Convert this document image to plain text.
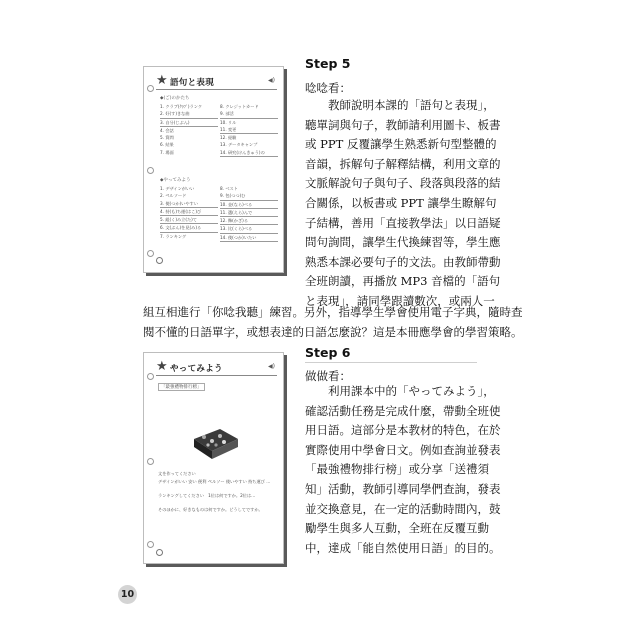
★ 語句と表現	◀)
◆(ご)のかたち
1. クラブ(ｸﾗﾌﾞ)ランク
2. 好(す)きな曲
3. 自分(じぶん)
4. 会話
5. 質問
6. 結果
7. 場面
8. クレジットカード
9. 部活
10. リル
11. 変更
12. 経験
13. データキャンプ
14. 研究(けんきゅう)の
◆やってみよう
1. デザインがいい
2. ペルソード
3. 使(つか)いやすい
4. 持(も)ち運(はこ)び
5. 組(く)み立(た)て
6. 文(ぶん)を見(み)る
7. ランキング
8. ベスト
9. 包(つつ)む
10. 並(なら)べる
11. 選(えら)んで
12. 飾(かざ)る
13. 比(くら)べる
14. 使(つか)いたい
★ やってみよう	◀)
「最強禮物排行榜」
文を作ってください
デザインがいい 安い 便利 ペルソー 使いやすい 持ち運び …
ランキングしてください　1位は何ですか。2位は…
そのほかに、好きなものは何ですか。どうしてですか。
Step 5
唸唸看：
　　教師說明本課的「語句と表現」，
聽單詞與句子，教師請利用圖卡、板書
或 PPT 反覆讓學生熟悉新句型整體的
音韻，拆解句子解釋結構，利用文章的
文脈解說句子與句子、段落與段落的結
合關係，以板書或 PPT 讓學生瞭解句
子結構，善用「直接教學法」以日語疑
問句詢問，讓學生代換練習等，學生應
熟悉本課必要句子的文法。由教師帶動
全班朗讀，再播放 MP3 音檔的「語句
と表現」，請同學跟讀數次，或兩人一
組互相進行「你唸我聽」練習。另外，指導學生學會使用電子字典，隨時查
閱不懂的日語單字，或想表達的日語怎麼說？這是本冊應學會的學習策略。
Step 6
做做看：
　　利用課本中的「やってみよう」，
確認活動任務是完成什麼，帶動全班使
用日語。這部分是本教材的特色，在於
實際使用中學會日文。例如查詢並發表
「最強禮物排行榜」或分享「送禮須
知」活動，教師引導同學們查詢，發表
並交換意見，在一定的活動時間內，鼓
勵學生與多人互動，全班在反覆互動
中，達成「能自然使用日語」的目的。
10
